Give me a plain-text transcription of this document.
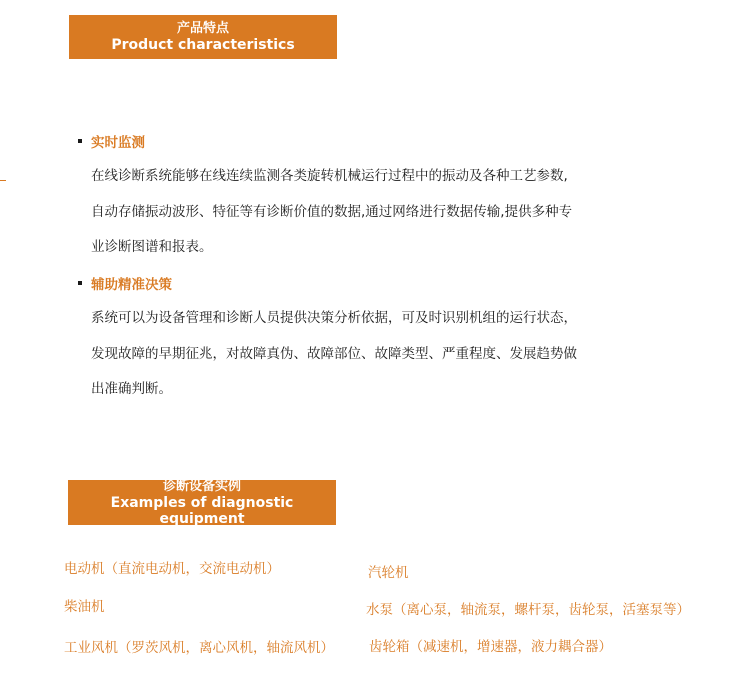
产品特点
Product characteristics
实时监测
在线诊断系统能够在线连续监测各类旋转机械运行过程中的振动及各种工艺参数,
自动存储振动波形、特征等有诊断价值的数据,通过网络进行数据传输,提供多种专
业诊断图谱和报表。
辅助精准决策
系统可以为设备管理和诊断人员提供决策分析依据，可及时识别机组的运行状态，
发现故障的早期征兆，对故障真伪、故障部位、故障类型、严重程度、发展趋势做
出准确判断。
诊断设备实例
Examples of diagnostic equipment
电动机（直流电动机，交流电动机）	汽轮机
柴油机	水泵（离心泵，轴流泵，螺杆泵，齿轮泵，活塞泵等）
工业风机（罗茨风机，离心风机，轴流风机）	齿轮箱（减速机，增速器，液力耦合器）
